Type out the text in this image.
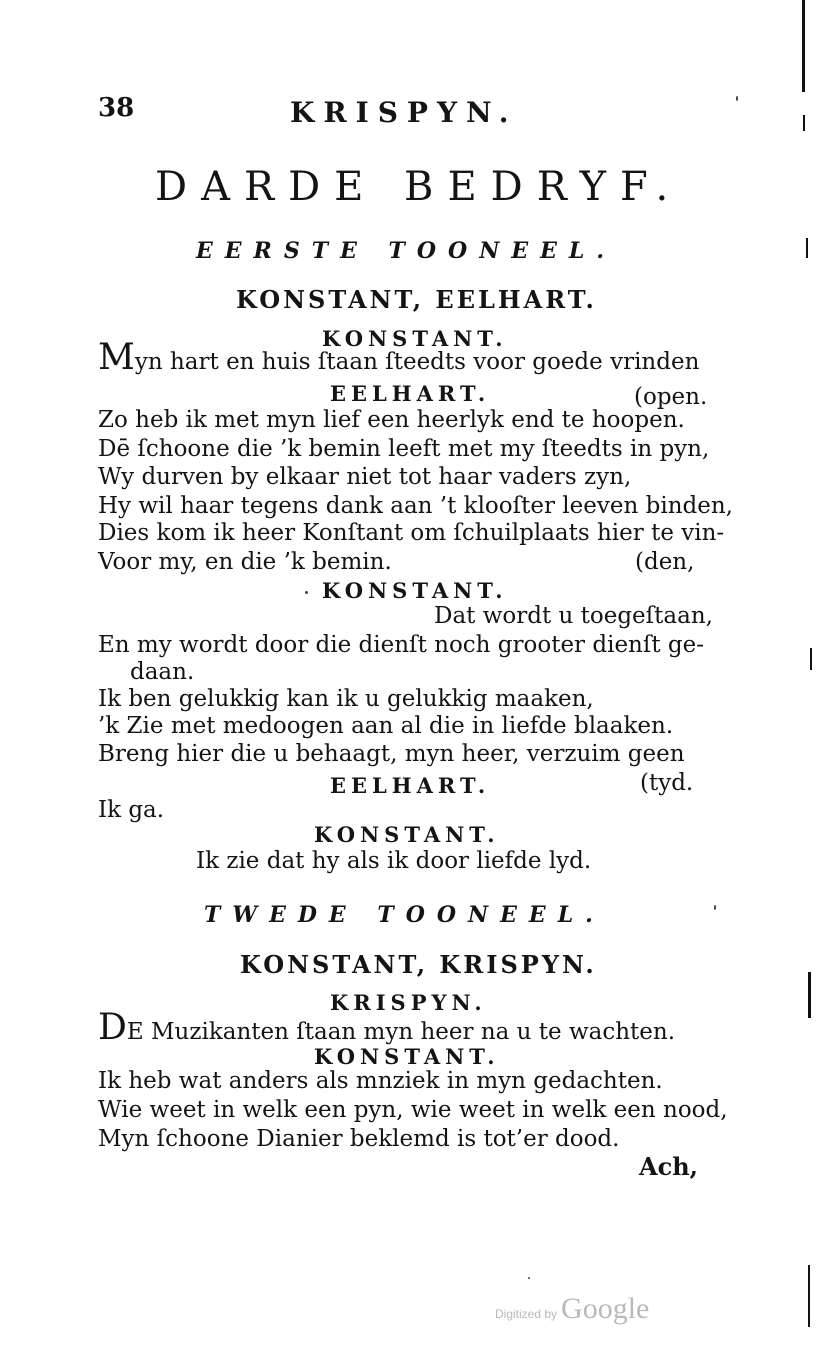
38	KRISPYN.
DARDE BEDRYF.
EERSTE TOONEEL.
KONSTANT, EELHART.
KONSTANT.
Myn hart en huis ſtaan ſteedts voor goede vrinden
EELHART.	(open.
Zo heb ik met myn lief een heerlyk end te hoopen.
Dē ſchoone die ’k bemin leeft met my ſteedts in pyn,
Wy durven by elkaar niet tot haar vaders zyn,
Hy wil haar tegens dank aan ’t klooſter leeven binden,
Dies kom ik heer Konſtant om ſchuilplaats hier te vin-
Voor my, en die ’k bemin.	(den,
KONSTANT.
Dat wordt u toegeſtaan,
En my wordt door die dienſt noch grooter dienſt ge-
daan.
Ik ben gelukkig kan ik u gelukkig maaken,
’k Zie met medoogen aan al die in liefde blaaken.
Breng hier die u behaagt, myn heer, verzuim geen
EELHART.	(tyd.
Ik ga.
KONSTANT.
Ik zie dat hy als ik door liefde lyd.
TWEDE TOONEEL.
KONSTANT, KRISPYN.
KRISPYN.
DE Muzikanten ſtaan myn heer na u te wachten.
KONSTANT.
Ik heb wat anders als mnziek in myn gedachten.
Wie weet in welk een pyn, wie weet in welk een nood,
Myn ſchoone Dianier beklemd is tot’er dood.
Ach,
Digitized by Google
